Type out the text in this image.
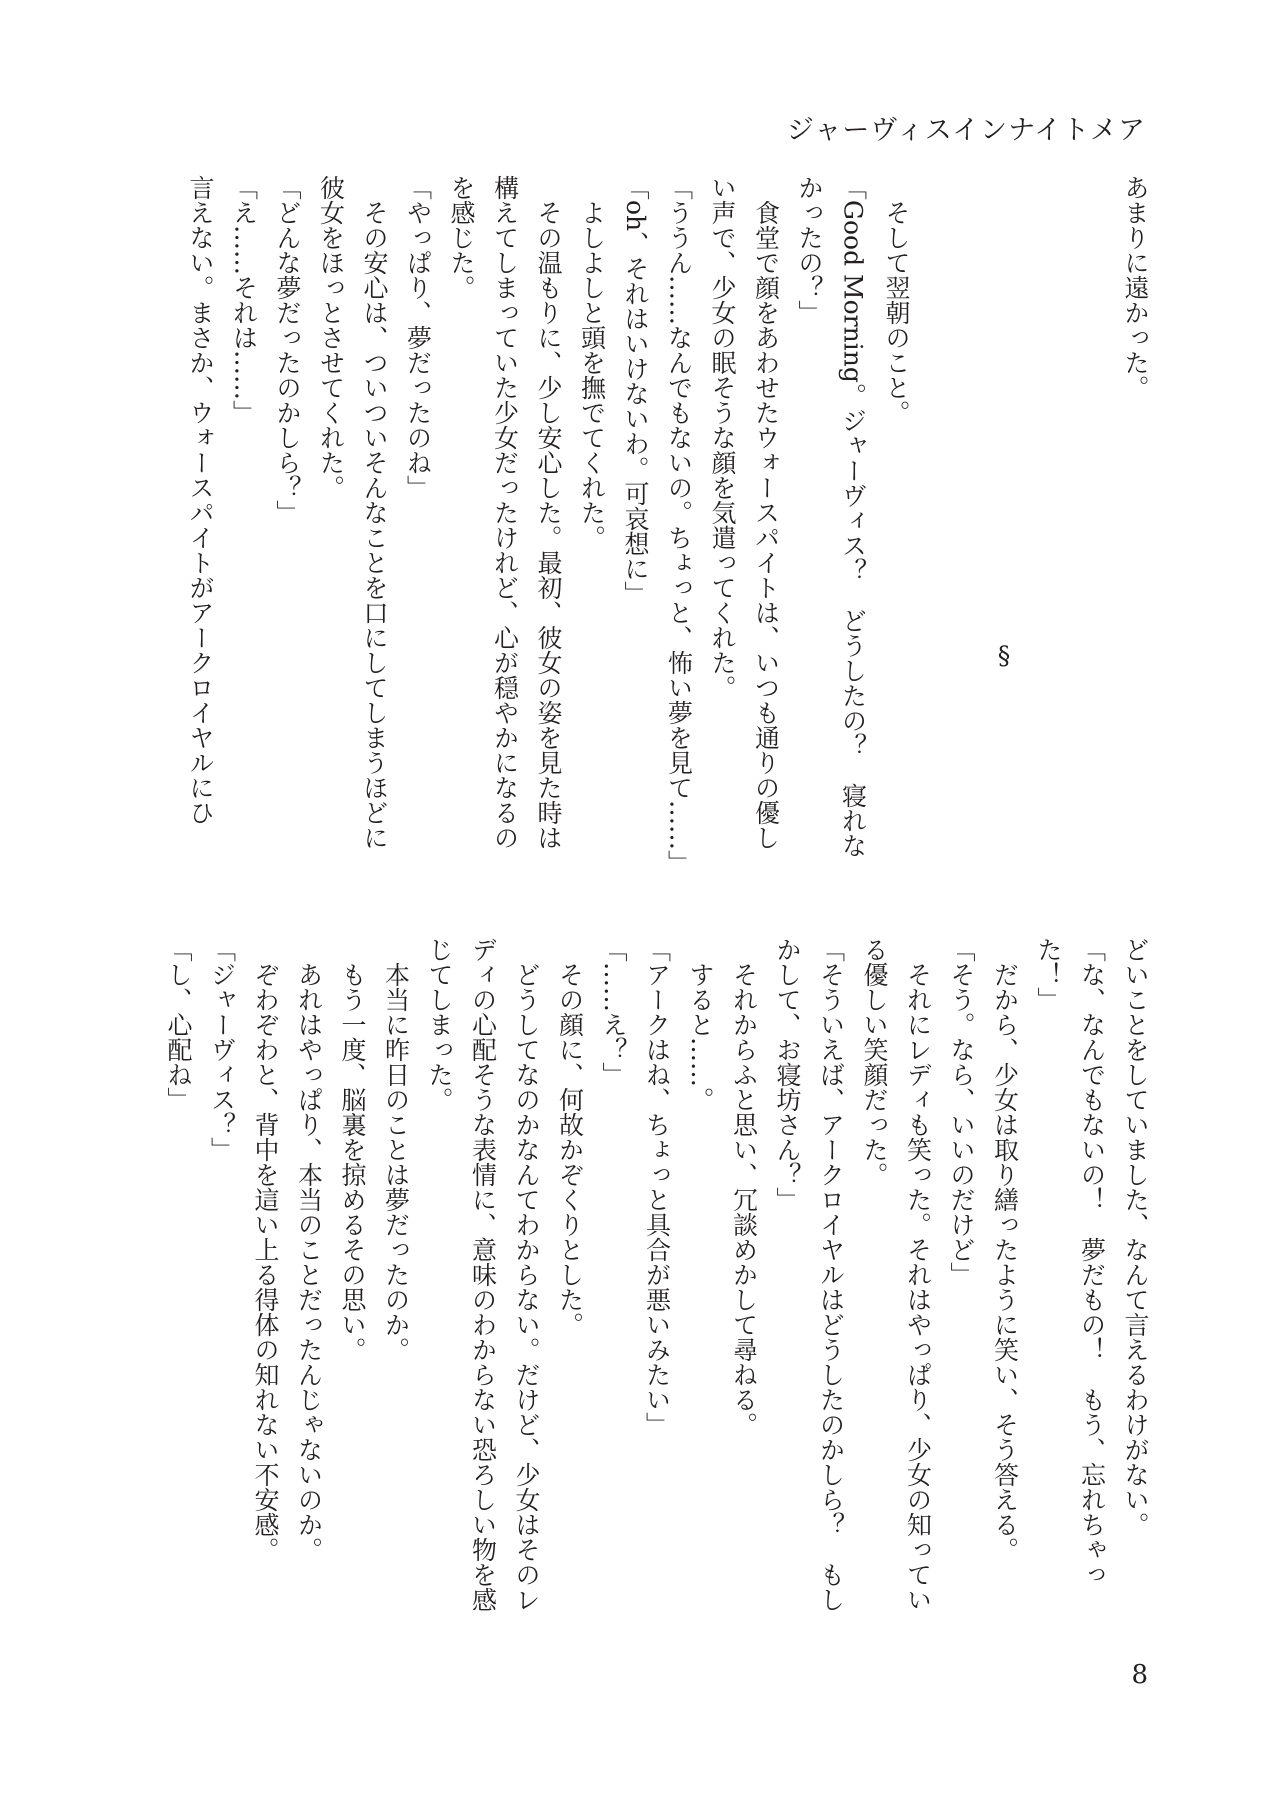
ジャーヴィスインナイトメア
あまりに遠かった。
§
　そして翌朝のこと。
「Good Morning。ジャーヴィス？　どうしたの？　寝れな
かったの？」
　食堂で顔をあわせたウォースパイトは、いつも通りの優し
い声で、少女の眠そうな顔を気遣ってくれた。
「ううん……なんでもないの。ちょっと、怖い夢を見て……」
「oh、それはいけないわ。可哀想に」
　よしよしと頭を撫でてくれた。
　その温もりに、少し安心した。最初、彼女の姿を見た時は
構えてしまっていた少女だったけれど、心が穏やかになるの
を感じた。
「やっぱり、夢だったのね」
　その安心は、ついついそんなことを口にしてしまうほどに
彼女をほっとさせてくれた。
「どんな夢だったのかしら？」
「え……それは……」
言えない。まさか、ウォースパイトがアークロイヤルにひ
どいことをしていました、なんて言えるわけがない。
「な、なんでもないの！　夢だもの！　もう、忘れちゃっ
た！」
　だから、少女は取り繕ったように笑い、そう答える。
「そう。なら、いいのだけど」
　それにレディも笑った。それはやっぱり、少女の知ってい
る優しい笑顔だった。
「そういえば、アークロイヤルはどうしたのかしら？　もし
かして、お寝坊さん？」
　それからふと思い、冗談めかして尋ねる。
　すると……。
「アークはね、ちょっと具合が悪いみたい」
「……え？」
　その顔に、何故かぞくりとした。
　どうしてなのかなんてわからない。だけど、少女はそのレ
ディの心配そうな表情に、意味のわからない恐ろしい物を感
じてしまった。
　本当に昨日のことは夢だったのか。
　もう一度、脳裏を掠めるその思い。
　あれはやっぱり、本当のことだったんじゃないのか。
　ぞわぞわと、背中を這い上る得体の知れない不安感。
「ジャーヴィス？」
「し、心配ね」
8
